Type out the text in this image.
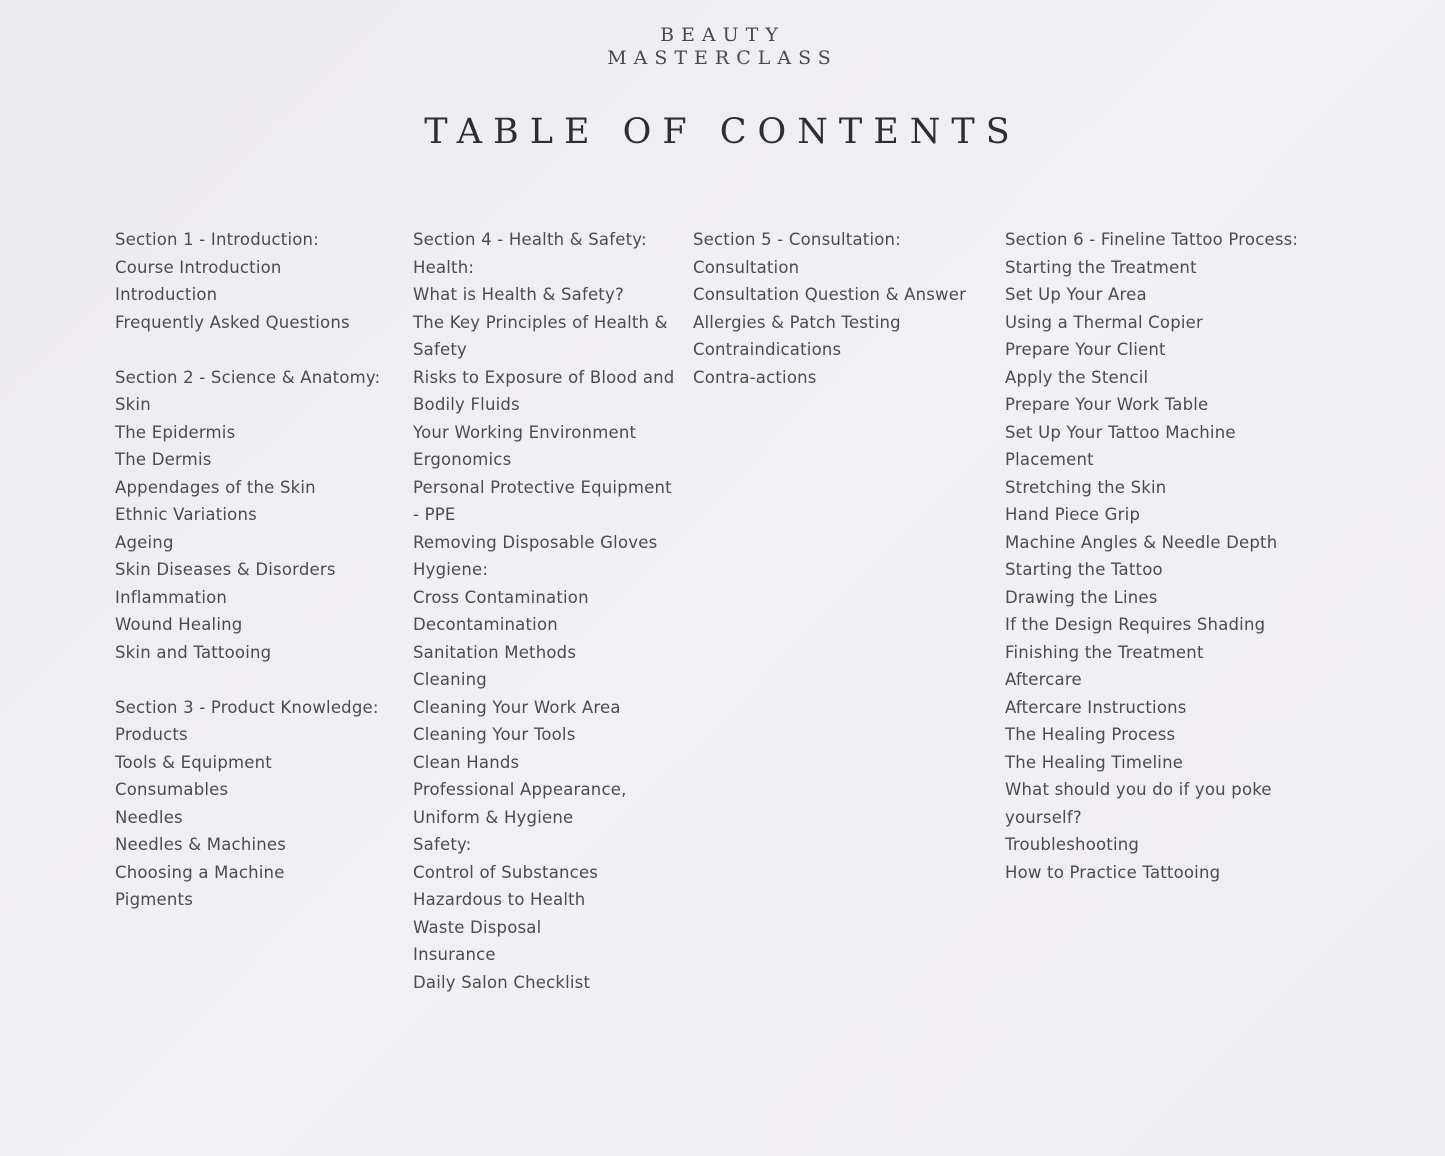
BEAUTY
MASTERCLASS
TABLE OF CONTENTS
Section 1 - Introduction:
Course Introduction
Introduction
Frequently Asked Questions
Section 2 - Science & Anatomy:
Skin
The Epidermis
The Dermis
Appendages of the Skin
Ethnic Variations
Ageing
Skin Diseases & Disorders
Inflammation
Wound Healing
Skin and Tattooing
Section 3 - Product Knowledge:
Products
Tools & Equipment
Consumables
Needles
Needles & Machines
Choosing a Machine
Pigments
Section 4 - Health & Safety:
Health:
What is Health & Safety?
The Key Principles of Health &
Safety
Risks to Exposure of Blood and
Bodily Fluids
Your Working Environment
Ergonomics
Personal Protective Equipment
- PPE
Removing Disposable Gloves
Hygiene:
Cross Contamination
Decontamination
Sanitation Methods
Cleaning
Cleaning Your Work Area
Cleaning Your Tools
Clean Hands
Professional Appearance,
Uniform & Hygiene
Safety:
Control of Substances
Hazardous to Health
Waste Disposal
Insurance
Daily Salon Checklist
Section 5 - Consultation:
Consultation
Consultation Question & Answer
Allergies & Patch Testing
Contraindications
Contra-actions
Section 6 - Fineline Tattoo Process:
Starting the Treatment
Set Up Your Area
Using a Thermal Copier
Prepare Your Client
Apply the Stencil
Prepare Your Work Table
Set Up Your Tattoo Machine
Placement
Stretching the Skin
Hand Piece Grip
Machine Angles & Needle Depth
Starting the Tattoo
Drawing the Lines
If the Design Requires Shading
Finishing the Treatment
Aftercare
Aftercare Instructions
The Healing Process
The Healing Timeline
What should you do if you poke
yourself?
Troubleshooting
How to Practice Tattooing
